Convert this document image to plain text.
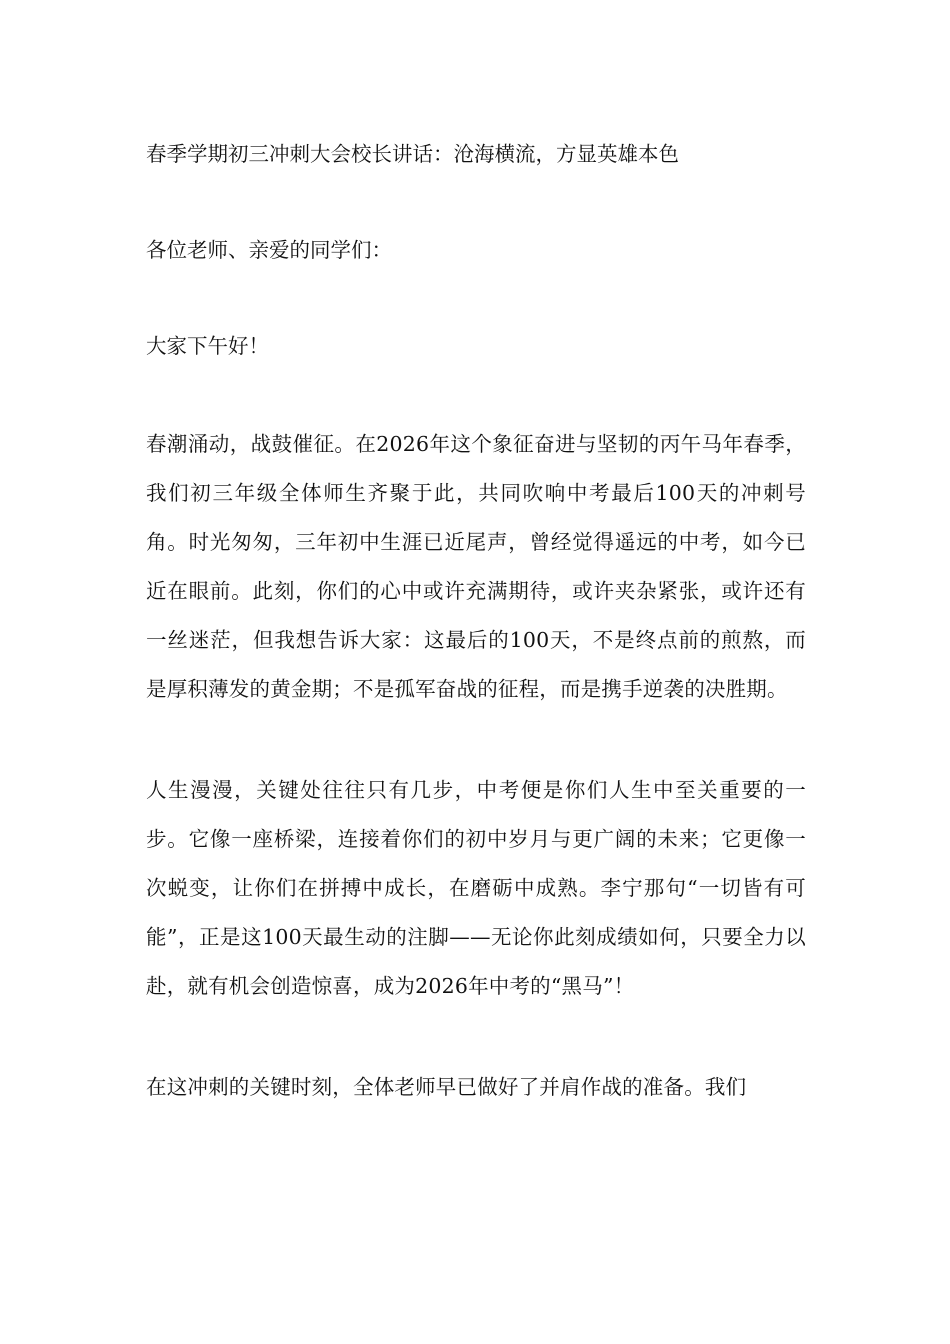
春季学期初三冲刺大会校长讲话：沧海横流，方显英雄本色

各位老师、亲爱的同学们：

大家下午好！

春潮涌动，战鼓催征。在2026年这个象征奋进与坚韧的丙午马年春季，我们初三年级全体师生齐聚于此，共同吹响中考最后100天的冲刺号角。时光匆匆，三年初中生涯已近尾声，曾经觉得遥远的中考，如今已近在眼前。此刻，你们的心中或许充满期待，或许夹杂紧张，或许还有一丝迷茫，但我想告诉大家：这最后的100天，不是终点前的煎熬，而是厚积薄发的黄金期；不是孤军奋战的征程，而是携手逆袭的决胜期。

人生漫漫，关键处往往只有几步，中考便是你们人生中至关重要的一步。它像一座桥梁，连接着你们的初中岁月与更广阔的未来；它更像一次蜕变，让你们在拼搏中成长，在磨砺中成熟。李宁那句“一切皆有可能”，正是这100天最生动的注脚——无论你此刻成绩如何，只要全力以赴，就有机会创造惊喜，成为2026年中考的“黑马”！

在这冲刺的关键时刻，全体老师早已做好了并肩作战的准备。我们
